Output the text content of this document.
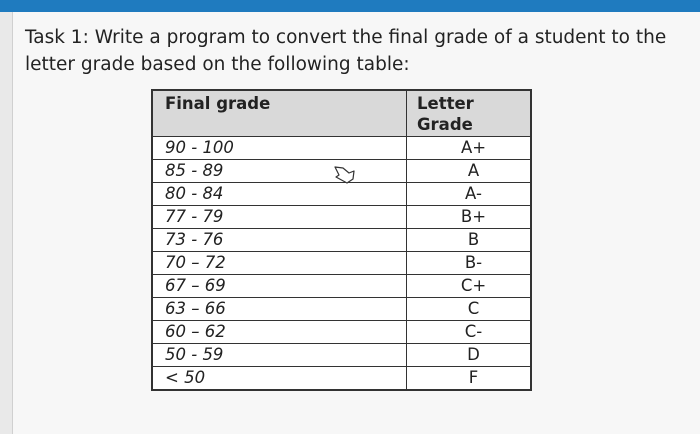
Task 1: Write a program to convert the final grade of a student to the letter grade based on the following table:

Final grade	Letter Grade
90 - 100	A+
85 - 89	A
80 - 84	A-
77 - 79	B+
73 - 76	B
70 – 72	B-
67 – 69	C+
63 – 66	C
60 – 62	C-
50 - 59	D
< 50	F
